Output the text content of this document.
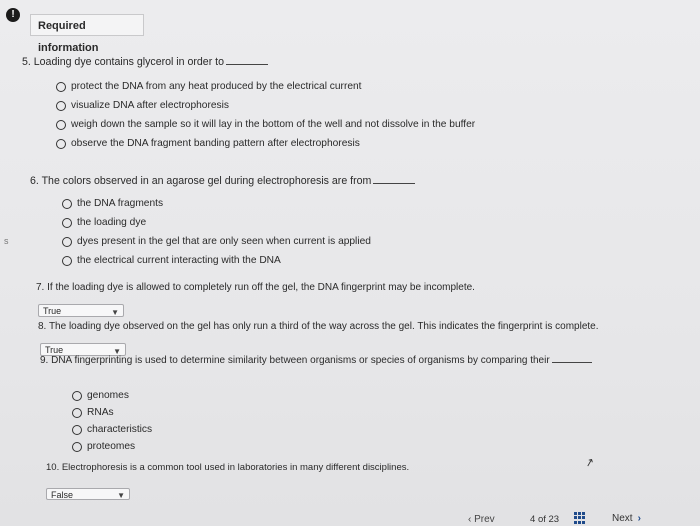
!
Required information
s
5. Loading dye contains glycerol in order to
protect the DNA from any heat produced by the electrical current
visualize DNA after electrophoresis
weigh down the sample so it will lay in the bottom of the well and not dissolve in the buffer
observe the DNA fragment banding pattern after electrophoresis
6. The colors observed in an agarose gel during electrophoresis are from
the DNA fragments
the loading dye
dyes present in the gel that are only seen when current is applied
the electrical current interacting with the DNA
7. If the loading dye is allowed to completely run off the gel, the DNA fingerprint may be incomplete.
True	▼
8. The loading dye observed on the gel has only run a third of the way across the gel. This indicates the fingerprint is complete.
True	▼
9. DNA fingerprinting is used to determine similarity between organisms or species of organisms by comparing their
genomes
RNAs
characteristics
proteomes
10. Electrophoresis is a common tool used in laboratories in many different disciplines.
False	▼
↗
‹ Prev	4 of 23	Next ›
